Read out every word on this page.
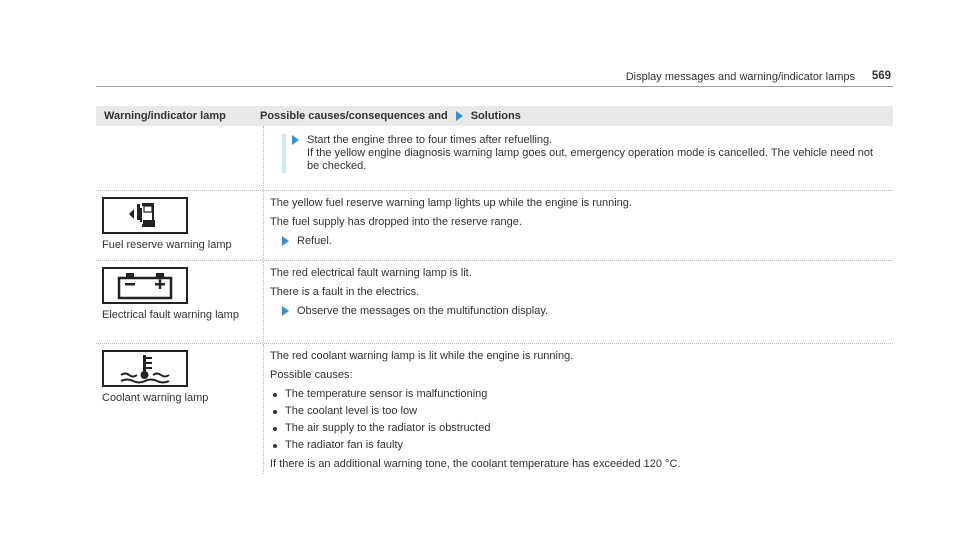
Display messages and warning/indicator lamps 569
Warning/indicator lamp	Possible causes/consequences and Solutions
Start the engine three to four times after refuelling.
If the yellow engine diagnosis warning lamp goes out, emergency operation mode is cancelled. The vehicle need not
be checked.
Fuel reserve warning lamp

The yellow fuel reserve warning lamp lights up while the engine is running.

The fuel supply has dropped into the reserve range.

Refuel.
Electrical fault warning lamp

The red electrical fault warning lamp is lit.

There is a fault in the electrics.

Observe the messages on the multifunction display.
Coolant warning lamp

The red coolant warning lamp is lit while the engine is running.

Possible causes:

The temperature sensor is malfunctioning
The coolant level is too low
The air supply to the radiator is obstructed
The radiator fan is faulty

If there is an additional warning tone, the coolant temperature has exceeded 120 °C.
